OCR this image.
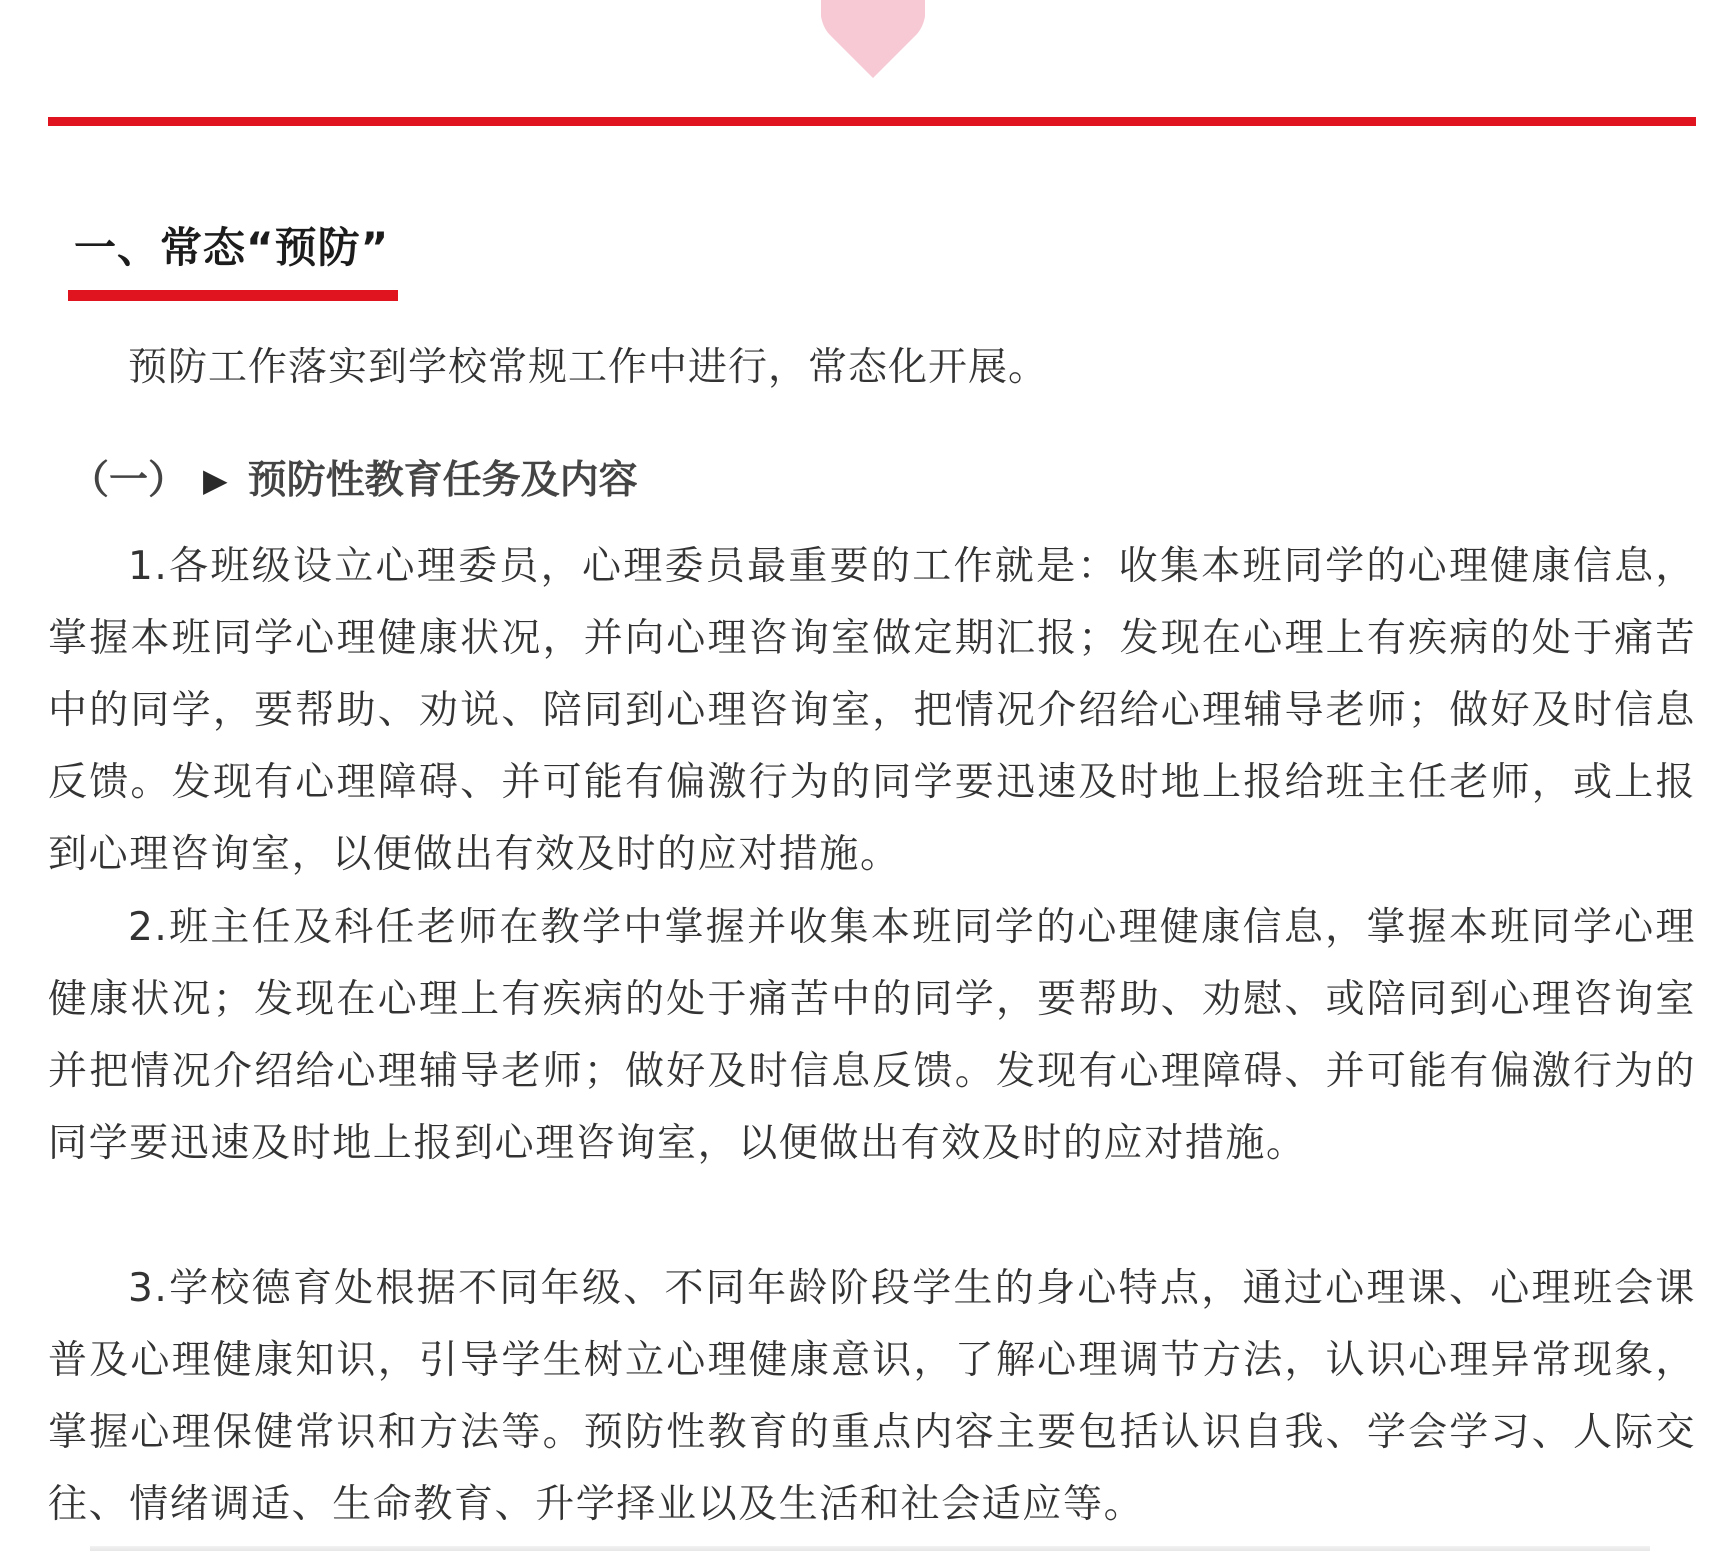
一、常态“预防”

预防工作落实到学校常规工作中进行，常态化开展。

（一） ▶ 预防性教育任务及内容

1.各班级设立心理委员，心理委员最重要的工作就是：收集本班同学的心理健康信息，掌握本班同学心理健康状况，并向心理咨询室做定期汇报；发现在心理上有疾病的处于痛苦中的同学，要帮助、劝说、陪同到心理咨询室，把情况介绍给心理辅导老师；做好及时信息反馈。发现有心理障碍、并可能有偏激行为的同学要迅速及时地上报给班主任老师，或上报到心理咨询室，以便做出有效及时的应对措施。

2.班主任及科任老师在教学中掌握并收集本班同学的心理健康信息，掌握本班同学心理健康状况；发现在心理上有疾病的处于痛苦中的同学，要帮助、劝慰、或陪同到心理咨询室并把情况介绍给心理辅导老师；做好及时信息反馈。发现有心理障碍、并可能有偏激行为的同学要迅速及时地上报到心理咨询室，以便做出有效及时的应对措施。

3.学校德育处根据不同年级、不同年龄阶段学生的身心特点，通过心理课、心理班会课普及心理健康知识，引导学生树立心理健康意识，了解心理调节方法，认识心理异常现象，掌握心理保健常识和方法等。预防性教育的重点内容主要包括认识自我、学会学习、人际交往、情绪调适、生命教育、升学择业以及生活和社会适应等。
